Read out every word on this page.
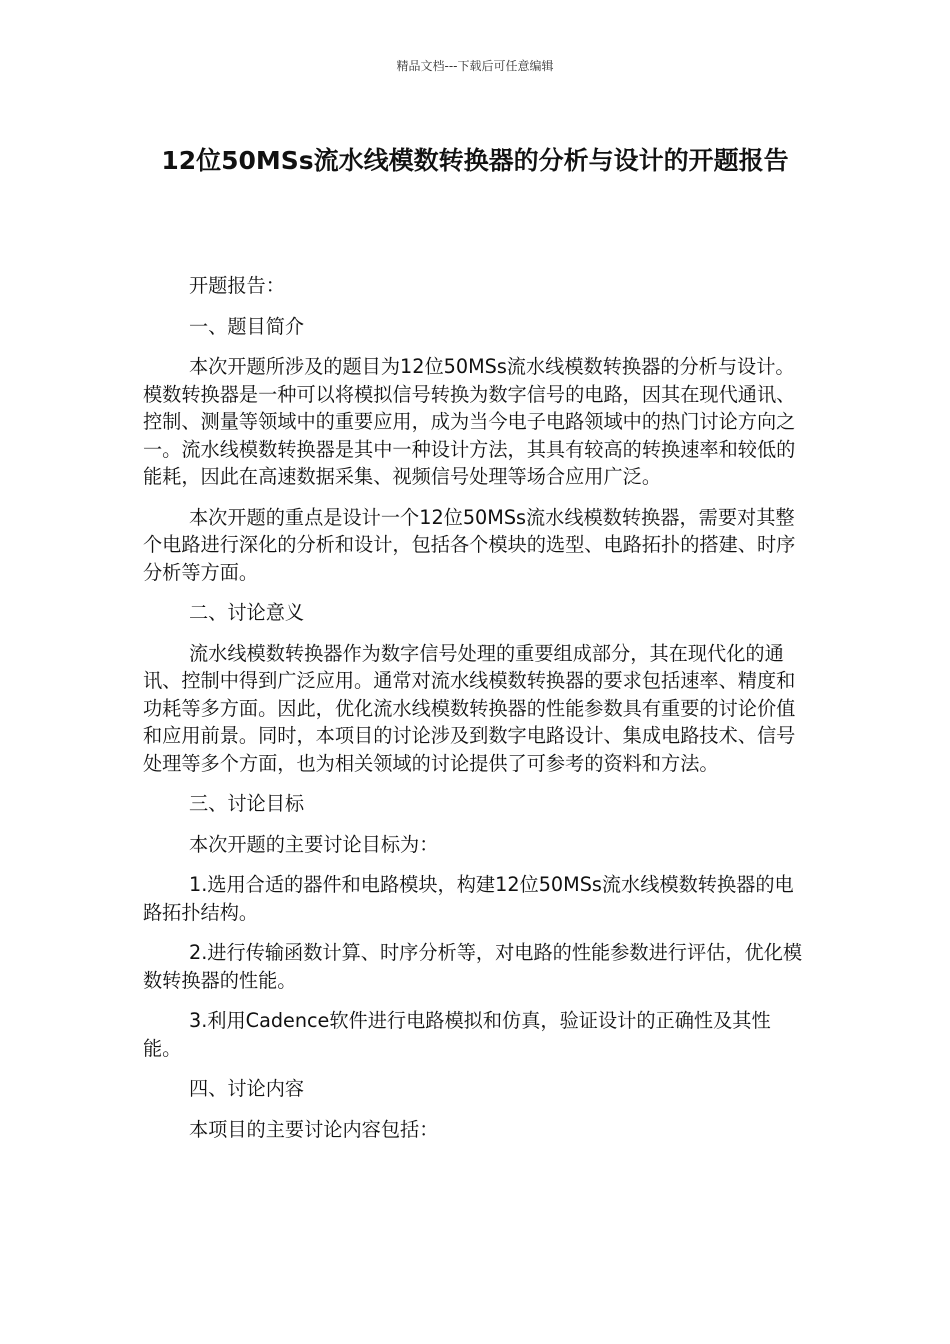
精品文档---下载后可任意编辑
12位50MSs流水线模数转换器的分析与设计的开题报告

开题报告：

一、题目简介

本次开题所涉及的题目为12位50MSs流水线模数转换器的分析与设计。模数转换器是一种可以将模拟信号转换为数字信号的电路，因其在现代通讯、控制、测量等领域中的重要应用，成为当今电子电路领域中的热门讨论方向之一。流水线模数转换器是其中一种设计方法，其具有较高的转换速率和较低的能耗，因此在高速数据采集、视频信号处理等场合应用广泛。

本次开题的重点是设计一个12位50MSs流水线模数转换器，需要对其整个电路进行深化的分析和设计，包括各个模块的选型、电路拓扑的搭建、时序分析等方面。

二、讨论意义

流水线模数转换器作为数字信号处理的重要组成部分，其在现代化的通讯、控制中得到广泛应用。通常对流水线模数转换器的要求包括速率、精度和功耗等多方面。因此，优化流水线模数转换器的性能参数具有重要的讨论价值和应用前景。同时，本项目的讨论涉及到数字电路设计、集成电路技术、信号处理等多个方面，也为相关领域的讨论提供了可参考的资料和方法。

三、讨论目标

本次开题的主要讨论目标为：

1.选用合适的器件和电路模块，构建12位50MSs流水线模数转换器的电路拓扑结构。

2.进行传输函数计算、时序分析等，对电路的性能参数进行评估，优化模数转换器的性能。

3.利用Cadence软件进行电路模拟和仿真，验证设计的正确性及其性能。

四、讨论内容

本项目的主要讨论内容包括：
